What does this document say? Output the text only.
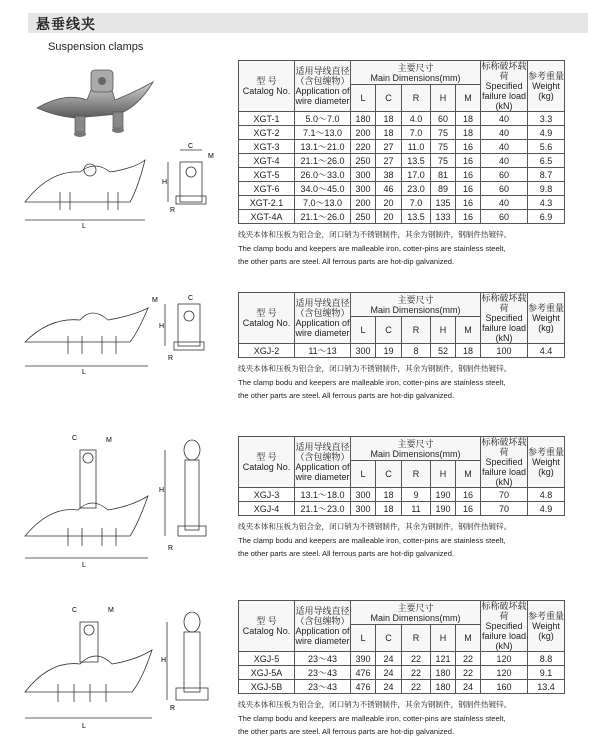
悬垂线夹
Suspension clamps
L
C
H
R
M
L
C
H
R
M
L
C
H
R
M
L
C
H
R
M
型 号
Catalog No.	适用导线直径
（含包缠物）
Application of
wire diameter	主要尺寸
Main Dimensions(mm)					标称破坏载荷
Specified
failure load
(kN)	参考重量
Weight
(kg)
		L	C	R	H	M		
XGT-1	5.0～7.0	180	18	4.0	60	18	40	3.3
XGT-2	7.1～13.0	200	18	7.0	75	18	40	4.9
XGT-3	13.1～21.0	220	27	11.0	75	16	40	5.6
XGT-4	21.1～26.0	250	27	13.5	75	16	40	6.5
XGT-5	26.0～33.0	300	38	17.0	81	16	60	8.7
XGT-6	34.0～45.0	300	46	23.0	89	16	60	9.8
XGT-2.1	7.0～13.0	200	20	7.0	135	16	40	4.3
XGT-4A	21.1～26.0	250	20	13.5	133	16	60	6.9
线夹本体和压板为铝合金，闭口销为不锈钢制件，其余为钢制件，钢制件热镀锌。
The clamp bodu and keepers are malleable iron, cotter-pins are stainless steelt,
the other parts are steel. All ferrous parts are hot-dip galvanized.
型 号
Catalog No.	适用导线直径
（含包缠物）
Application of
wire diameter	主要尺寸
Main Dimensions(mm)					标称破坏载荷
Specified
failure load
(kN)	参考重量
Weight
(kg)
		L	C	R	H	M		
XGJ-2	11～13	300	19	8	52	18	100	4.4
线夹本体和压板为铝合金，闭口销为不锈钢制件，其余为钢制件，钢制件热镀锌。
The clamp bodu and keepers are malleable iron, cotter-pins are stainless steelt,
the other parts are steel. All ferrous parts are hot-dip galvanized.
型 号
Catalog No.	适用导线直径
（含包缠物）
Application of
wire diameter	主要尺寸
Main Dimensions(mm)					标称破坏载荷
Specified
failure load
(kN)	参考重量
Weight
(kg)
		L	C	R	H	M		
XGJ-3	13.1～18.0	300	18	9	190	16	70	4.8
XGJ-4	21.1～23.0	300	18	11	190	16	70	4.9
线夹本体和压板为铝合金，闭口销为不锈钢制件，其余为钢制件，钢制件热镀锌。
The clamp bodu and keepers are malleable iron, cotter-pins are stainless steelt,
the other parts are steel. All ferrous parts are hot-dip galvanized.
型 号
Catalog No.	适用导线直径
（含包缠物）
Application of
wire diameter	主要尺寸
Main Dimensions(mm)					标称破坏载荷
Specified
failure load
(kN)	参考重量
Weight
(kg)
		L	C	R	H	M		
XGJ-5	23～43	390	24	22	121	22	120	8.8
XGJ-5A	23～43	476	24	22	180	22	120	9.1
XGJ-5B	23～43	476	24	22	180	24	160	13.4
线夹本体和压板为铝合金，闭口销为不锈钢制件，其余为钢制件，钢制件热镀锌。
The clamp bodu and keepers are malleable iron, cotter-pins are stainless steelt,
the other parts are steel. All ferrous parts are hot-dip galvanized.
